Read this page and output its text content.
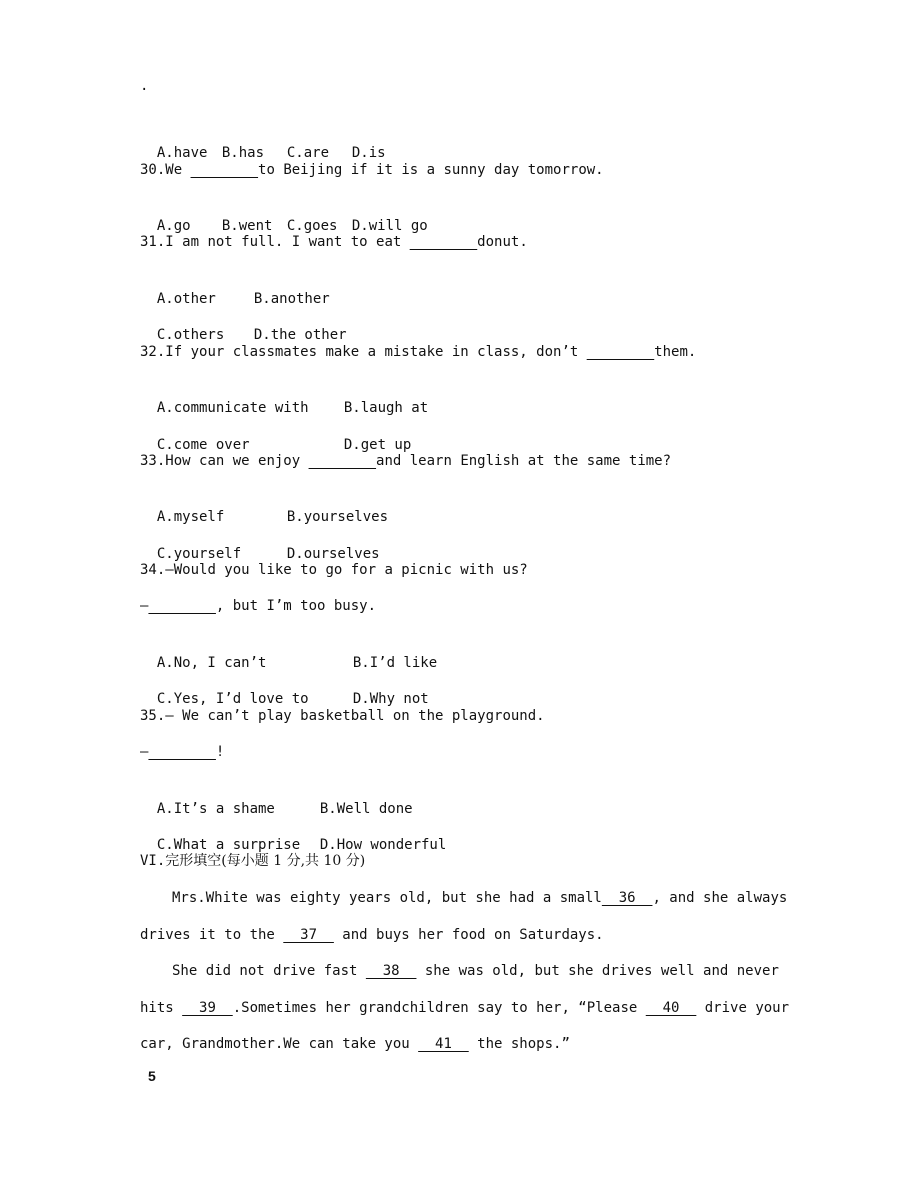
.

A.have B.has C.are D.is

30.We ________to Beijing if it is a sunny day tomorrow.

A.go B.went C.goes D.will go

31.I am not full. I want to eat ________donut.

A.other	B.another

C.others D.the other

32.If your classmates make a mistake in class, don’t ________them.

A.communicate with	B.laugh at

C.come over	D.get up

33.How can we enjoy ________and learn English at the same time?

A.myself	B.yourselves

C.yourself	D.ourselves

34.—Would you like to go for a picnic with us?
—________, but I’m too busy.

A.No, I can’t	B.I’d like

C.Yes, I’d love to	D.Why not

35.— We can’t play basketball on the playground.
—________!

A.It’s a shame	B.Well done

C.What a surprise D.How wonderful

VI.完形填空(每小题 1 分,共 10 分)
Mrs.White was eighty years old, but she had a small  36  , and she always
drives it to the   37   and buys her food on Saturdays.
She did not drive fast   38   she was old, but she drives well and never
hits   39  .Sometimes her grandchildren say to her, “Please   40   drive your
car, Grandmother.We can take you   41   the shops.”
5
